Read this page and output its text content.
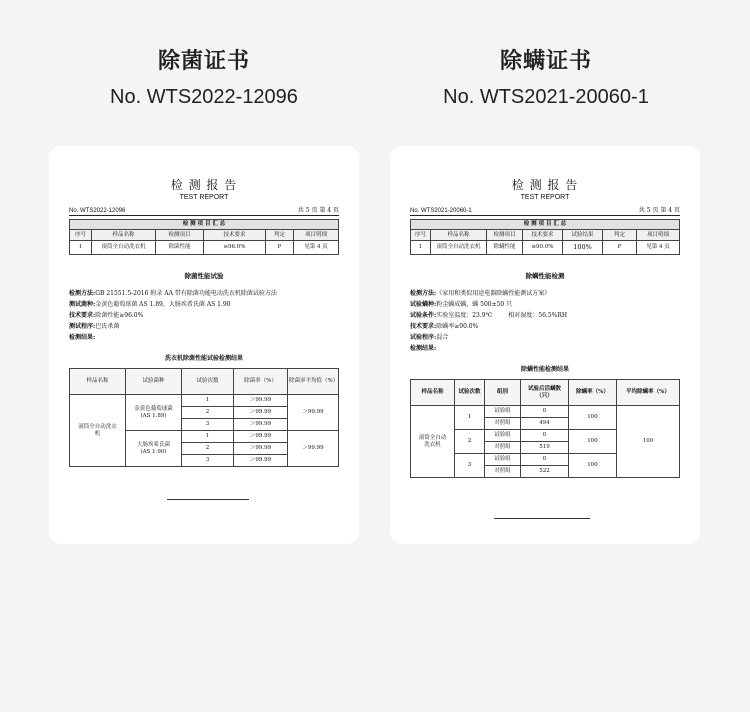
除菌证书
No. WTS2022-12096
除螨证书
No. WTS2021-20060-1
检 测 报 告
TEST REPORT
No. WTS2022-12096	共 5 页 第 4 页
检 测 项 目 汇 总					
序号	样品名称	检测项目	技术要求	判定	项目明细
1	滚筒全自动洗衣机	除菌性能	≥96.0%	P	见第 4 页
除菌性能试验
检测方法:GB 21551.5-2016 附录 AA 带有除菌功能电动洗衣机除菌试验方法
测试菌种:金黄色葡萄球菌 AS 1.89，大肠埃希氏菌 AS 1.90
技术要求:除菌性能≥96.0%
测试程序:巴氏杀菌
检测结果:
洗衣机除菌性能试验检测结果
样品名称	试验菌种	试验次数	除菌率（%）	除菌率平均值（%）
滚筒全自动洗衣机	金黄色葡萄球菌
(AS 1.89)	1	＞99.99	＞99.99
		2	＞99.99	
		3	＞99.99	
	大肠埃希氏菌
(AS 1.90)	1	＞99.99	＞99.99
		2	＞99.99	
		3	＞99.99	
检 测 报 告
TEST REPORT
No. WTS2021-20060-1	共 5 页 第 4 页
检 测 项 目 汇 总						
序号	样品名称	检测项目	技术要求	试验结果	判定	项目明细
1	滚筒全自动洗衣机	除螨性能	≥90.0%	100%	P	见第 4 页
除螨性能检测
检测方法:《家用和类似用途电器除螨性能测试方案》
试验螨种:粉尘螨成螨，螨 500±50 只
试验条件:实验室温度：23.9℃	相对湿度：56.5%RH
技术要求:除螨率≥90.0%
试验程序:混合
检测结果:
除螨性能检测结果
样品名称	试验次数	组别	试验后活螨数（只）	除螨率（%）	平均除螨率（%）
滚筒全自动洗衣机	1	试验组	0	100	100
		对照组	494		
	2	试验组	0	100	
		对照组	519		
	3	试验组	0	100	
		对照组	522		
